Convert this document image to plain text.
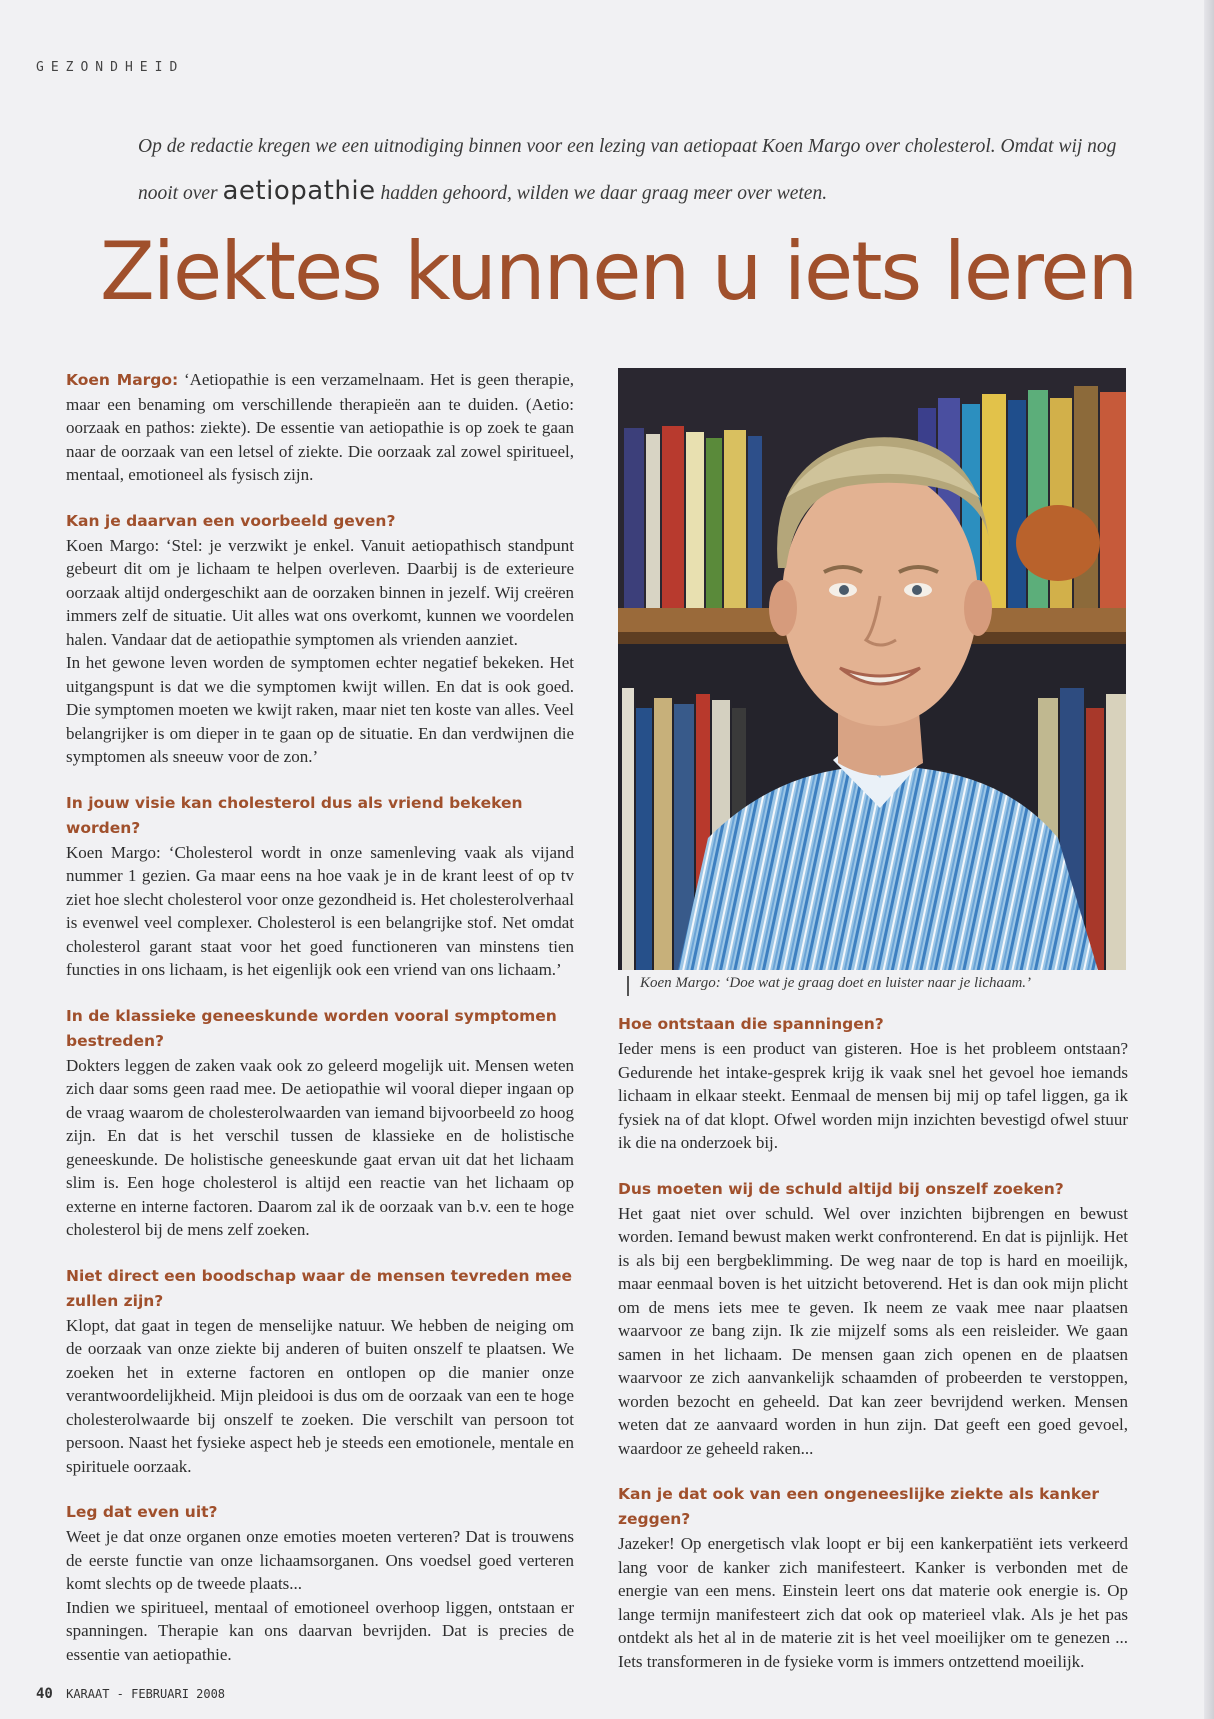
GEZONDHEID
Op de redactie kregen we een uitnodiging binnen voor een lezing van aetiopaat Koen Margo over cholesterol. Omdat wij nog nooit over aetiopathie hadden gehoord, wilden we daar graag meer over weten.
Ziektes kunnen u iets leren

Koen Margo: ‘Aetiopathie is een verzamelnaam. Het is geen therapie, maar een benaming om verschillende therapieën aan te duiden. (Aetio: oorzaak en pathos: ziekte). De essentie van aetiopathie is op zoek te gaan naar de oorzaak van een letsel of ziekte. Die oorzaak zal zowel spiritueel, mentaal, emotioneel als fysisch zijn.

Kan je daarvan een voorbeeld geven?

Koen Margo: ‘Stel: je verzwikt je enkel. Vanuit aetiopathisch standpunt gebeurt dit om je lichaam te helpen overleven. Daarbij is de exterieure oorzaak altijd ondergeschikt aan de oorzaken binnen in jezelf. Wij creëren immers zelf de situatie. Uit alles wat ons overkomt, kunnen we voordelen halen. Vandaar dat de aetiopathie symptomen als vrienden aanziet.

In het gewone leven worden de symptomen echter negatief bekeken. Het uitgangspunt is dat we die symptomen kwijt willen. En dat is ook goed. Die symptomen moeten we kwijt raken, maar niet ten koste van alles. Veel belangrijker is om dieper in te gaan op de situatie. En dan verdwijnen die symptomen als sneeuw voor de zon.’

In jouw visie kan cholesterol dus als vriend bekeken worden?

Koen Margo: ‘Cholesterol wordt in onze samenleving vaak als vijand nummer 1 gezien. Ga maar eens na hoe vaak je in de krant leest of op tv ziet hoe slecht cholesterol voor onze gezondheid is. Het cholesterolverhaal is evenwel veel complexer. Cholesterol is een belangrijke stof. Net omdat cholesterol garant staat voor het goed functioneren van minstens tien functies in ons lichaam, is het eigenlijk ook een vriend van ons lichaam.’

In de klassieke geneeskunde worden vooral symptomen bestreden?

Dokters leggen de zaken vaak ook zo geleerd mogelijk uit. Mensen weten zich daar soms geen raad mee. De aetiopathie wil vooral dieper ingaan op de vraag waarom de cholesterolwaarden van iemand bijvoorbeeld zo hoog zijn. En dat is het verschil tussen de klassieke en de holistische geneeskunde. De holistische geneeskunde gaat ervan uit dat het lichaam slim is. Een hoge cholesterol is altijd een reactie van het lichaam op externe en interne factoren. Daarom zal ik de oorzaak van b.v. een te hoge cholesterol bij de mens zelf zoeken.

Niet direct een boodschap waar de mensen tevreden mee zullen zijn?

Klopt, dat gaat in tegen de menselijke natuur. We hebben de neiging om de oorzaak van onze ziekte bij anderen of buiten onszelf te plaatsen. We zoeken het in externe factoren en ontlopen op die manier onze verantwoordelijkheid. Mijn pleidooi is dus om de oorzaak van een te hoge cholesterolwaarde bij onszelf te zoeken. Die verschilt van persoon tot persoon. Naast het fysieke aspect heb je steeds een emotionele, mentale en spirituele oorzaak.

Leg dat even uit?

Weet je dat onze organen onze emoties moeten verteren? Dat is trouwens de eerste functie van onze lichaamsorganen. Ons voedsel goed verteren komt slechts op de tweede plaats...

Indien we spiritueel, mentaal of emotioneel overhoop liggen, ontstaan er spanningen. Therapie kan ons daarvan bevrijden. Dat is precies de essentie van aetiopathie.

Koen Margo: ‘Doe wat je graag doet en luister naar je lichaam.’

Hoe ontstaan die spanningen?

Ieder mens is een product van gisteren. Hoe is het probleem ontstaan? Gedurende het intake-gesprek krijg ik vaak snel het gevoel hoe iemands lichaam in elkaar steekt. Eenmaal de mensen bij mij op tafel liggen, ga ik fysiek na of dat klopt. Ofwel worden mijn inzichten bevestigd ofwel stuur ik die na onderzoek bij.

Dus moeten wij de schuld altijd bij onszelf zoeken?

Het gaat niet over schuld. Wel over inzichten bijbrengen en bewust worden. Iemand bewust maken werkt confronterend. En dat is pijnlijk. Het is als bij een bergbeklimming. De weg naar de top is hard en moeilijk, maar eenmaal boven is het uitzicht betoverend. Het is dan ook mijn plicht om de mens iets mee te geven. Ik neem ze vaak mee naar plaatsen waarvoor ze bang zijn. Ik zie mijzelf soms als een reisleider. We gaan samen in het lichaam. De mensen gaan zich openen en de plaatsen waarvoor ze zich aanvankelijk schaamden of probeerden te verstoppen, worden bezocht en geheeld. Dat kan zeer bevrijdend werken. Mensen weten dat ze aanvaard worden in hun zijn. Dat geeft een goed gevoel, waardoor ze geheeld raken...

Kan je dat ook van een ongeneeslijke ziekte als kanker zeggen?

Jazeker! Op energetisch vlak loopt er bij een kankerpatiënt iets verkeerd lang voor de kanker zich manifesteert. Kanker is verbonden met de energie van een mens. Einstein leert ons dat materie ook energie is. Op lange termijn manifesteert zich dat ook op materieel vlak. Als je het pas ontdekt als het al in de materie zit is het veel moeilijker om te genezen ... Iets transformeren in de fysieke vorm is immers ontzettend moeilijk.

40 KARAAT - FEBRUARI 2008
